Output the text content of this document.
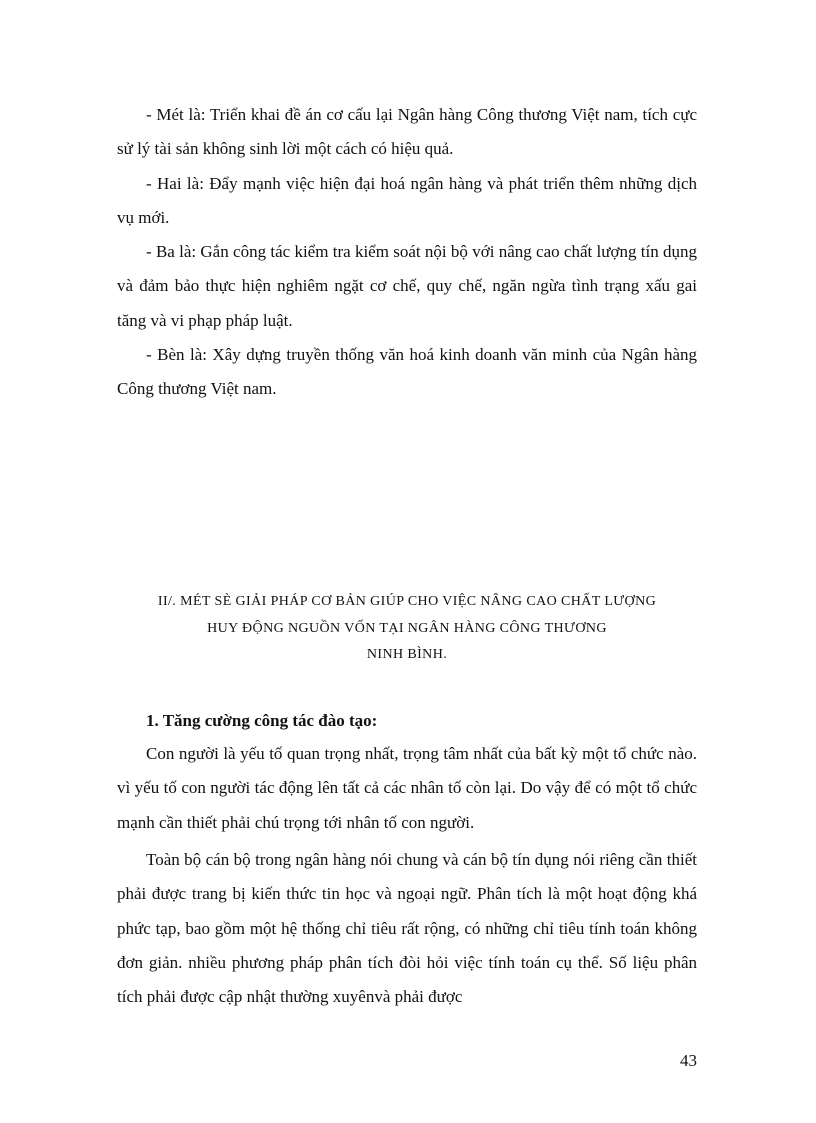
- Mét là: Triển khai đề án cơ cấu lại Ngân hàng Công thương Việt nam, tích cực sử lý tài sản không sinh lời một cách có hiệu quả.

- Hai là: Đẩy mạnh việc hiện đại hoá ngân hàng và phát triển thêm những dịch vụ mới.

- Ba là: Gắn công tác kiểm tra kiểm soát nội bộ với nâng cao chất lượng tín dụng và đảm bảo thực hiện nghiêm ngặt cơ chế, quy chế, ngăn ngừa tình trạng xấu gai tăng và vi phạp pháp luật.

- Bèn là: Xây dựng truyền thống văn hoá kinh doanh văn minh của Ngân hàng Công thương Việt nam.

II/. MÉT SÈ GIẢI PHÁP CƠ BẢN GIÚP CHO VIỆC NÂNG CAO CHẤT LƯỢNG
HUY ĐỘNG NGUỒN VỐN TẠI NGÂN HÀNG CÔNG THƯƠNG
NINH BÌNH.

1. Tăng cường công tác đào tạo:

Con người là yếu tố quan trọng nhất, trọng tâm nhất của bất kỳ một tổ chức nào. vì yếu tố con người tác động lên tất cả các nhân tố còn lại. Do vậy để có một tổ chức mạnh cần thiết phải chú trọng tới nhân tố con người.

Toàn bộ cán bộ trong ngân hàng nói chung và cán bộ tín dụng nói riêng cần thiết phải được trang bị kiến thức tin học và ngoại ngữ. Phân tích là một hoạt động khá phức tạp, bao gồm một hệ thống chỉ tiêu rất rộng, có những chỉ tiêu tính toán không đơn giản. nhiều phương pháp phân tích đòi hỏi việc tính toán cụ thể. Số liệu phân tích phải được cập nhật thường xuyênvà phải được

43
